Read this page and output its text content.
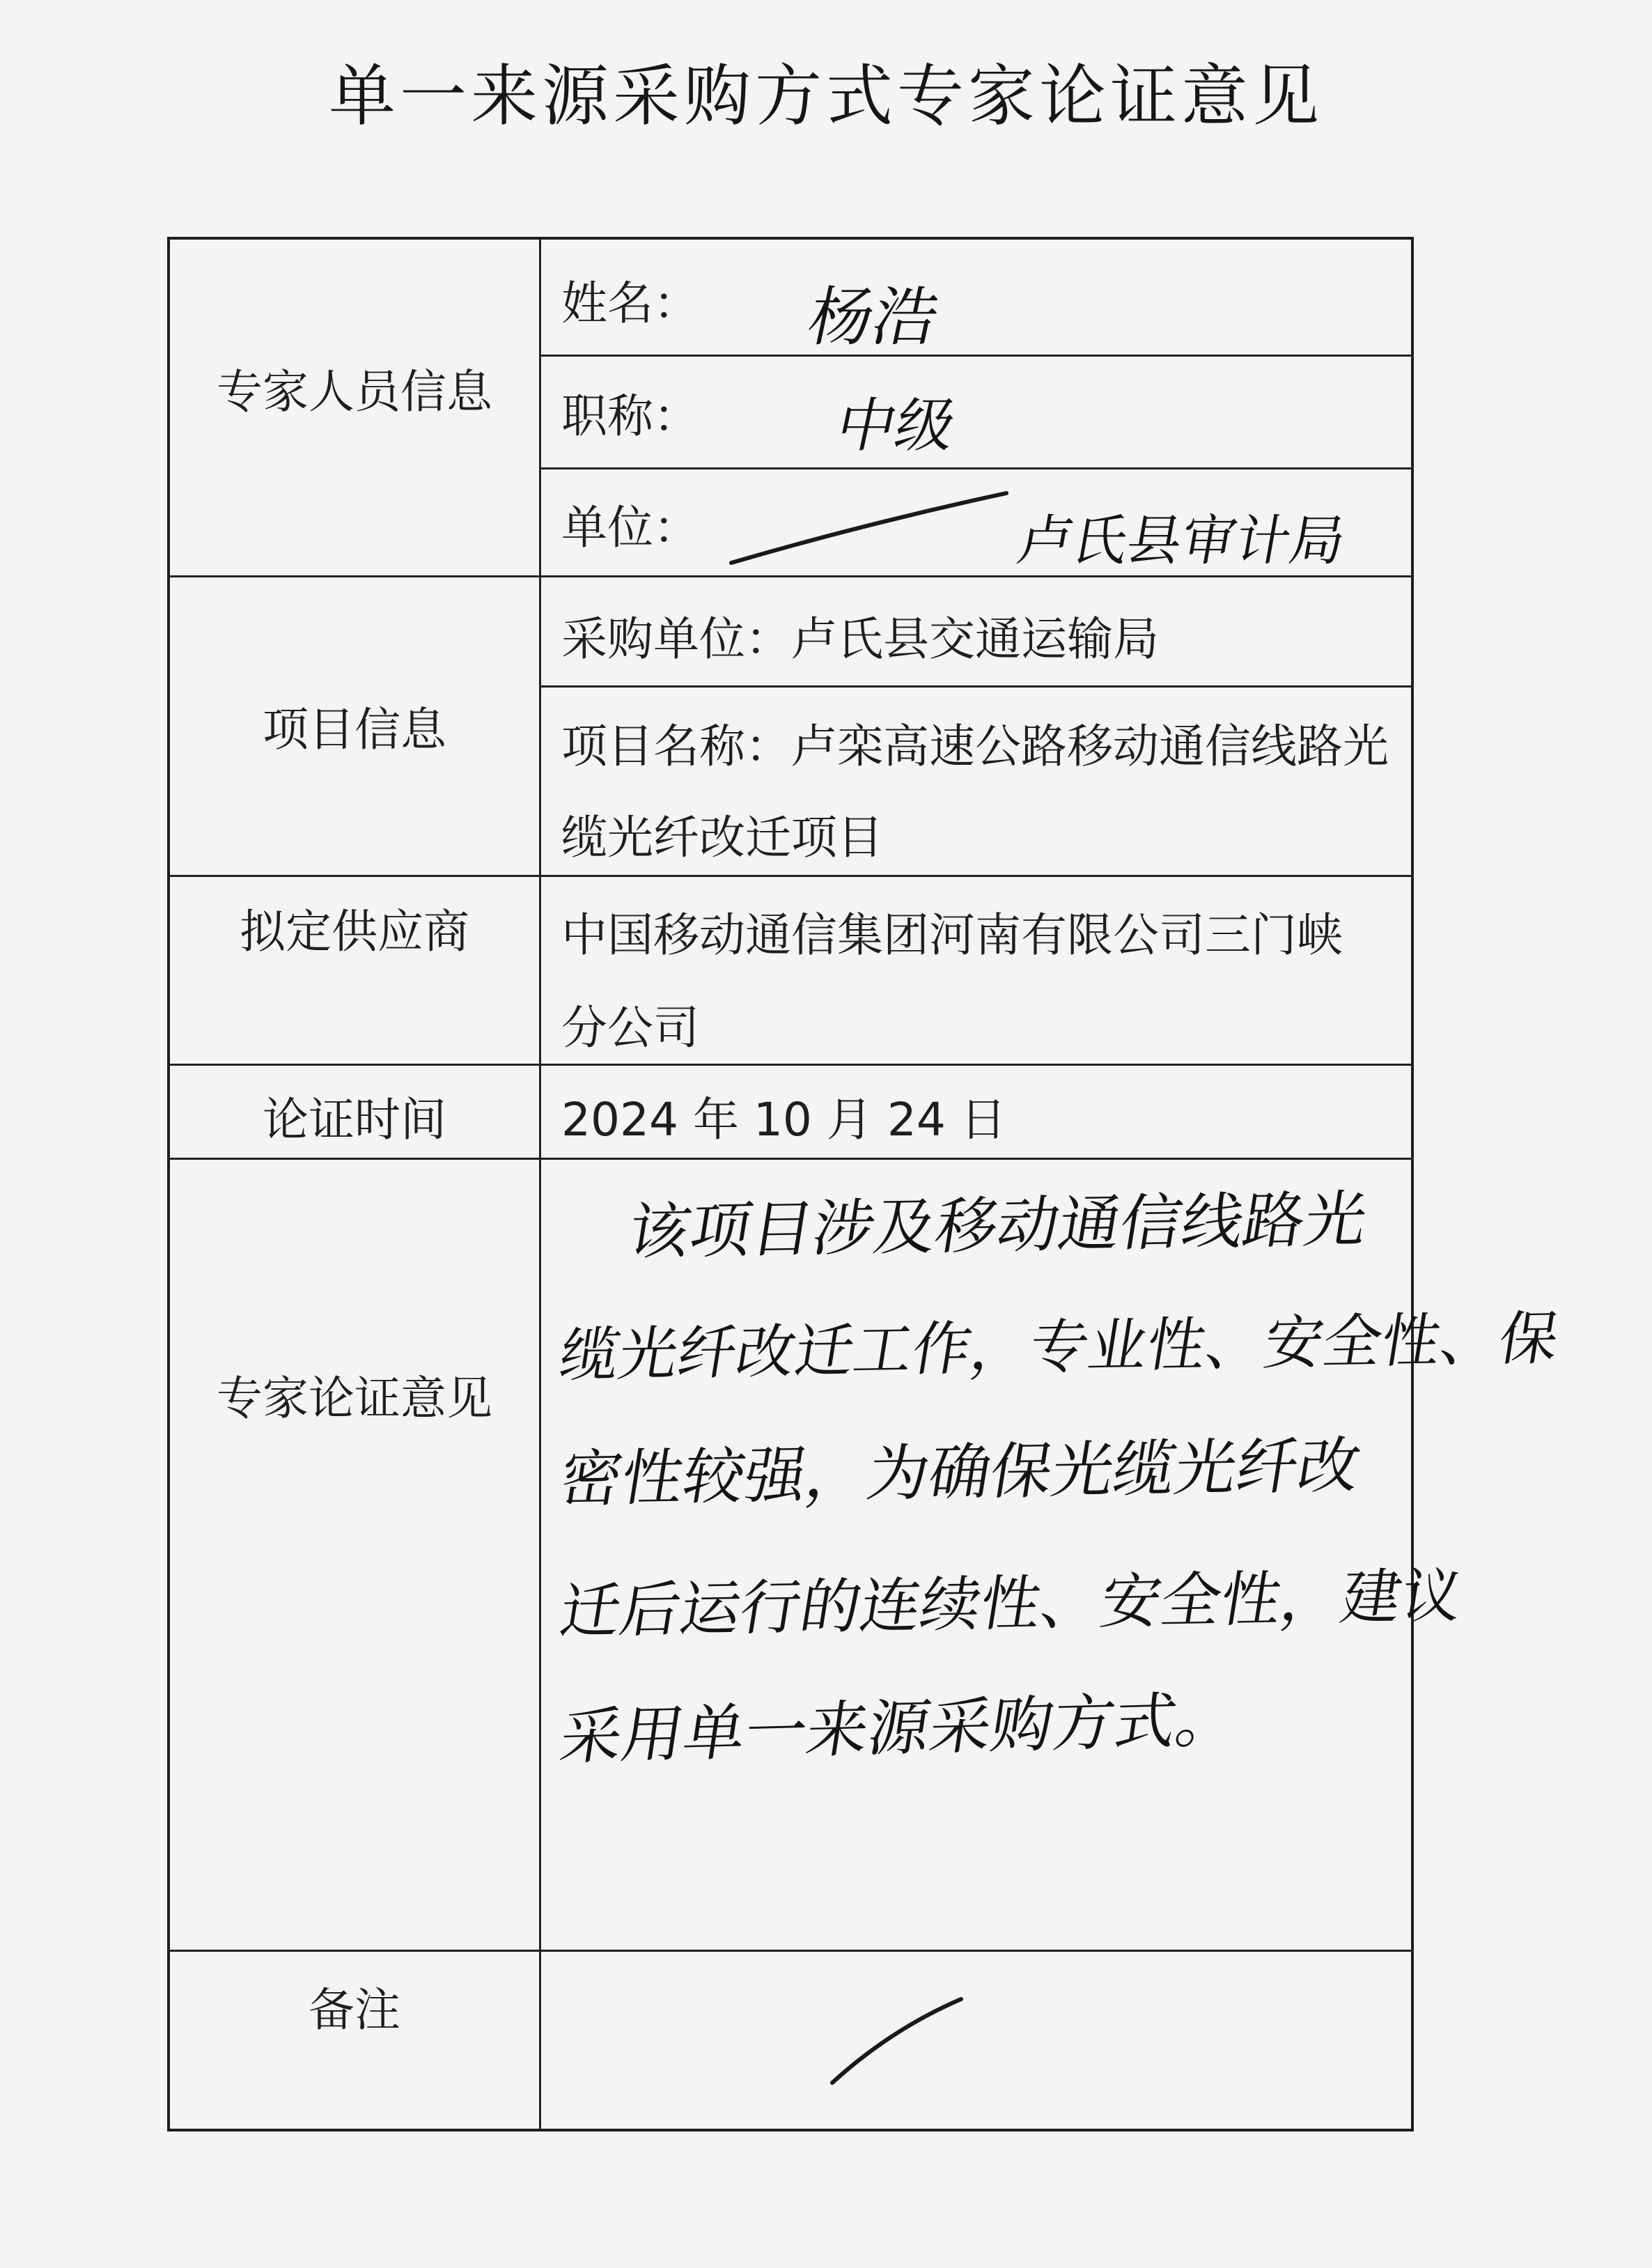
单一来源采购方式专家论证意见
专家人员信息
项目信息
拟定供应商
论证时间
专家论证意见
备注
姓名： 杨浩
职称： 中级
单位：	卢氏县审计局
采购单位：卢氏县交通运输局
项目名称：卢栾高速公路移动通信线路光
缆光纤改迁项目
中国移动通信集团河南有限公司三门峡
分公司
2024 年 10 月 24 日
该项目涉及移动通信线路光
缆光纤改迁工作，专业性、安全性、保
密性较强，为确保光缆光纤改
迁后运行的连续性、安全性，建议
采用单一来源采购方式。
